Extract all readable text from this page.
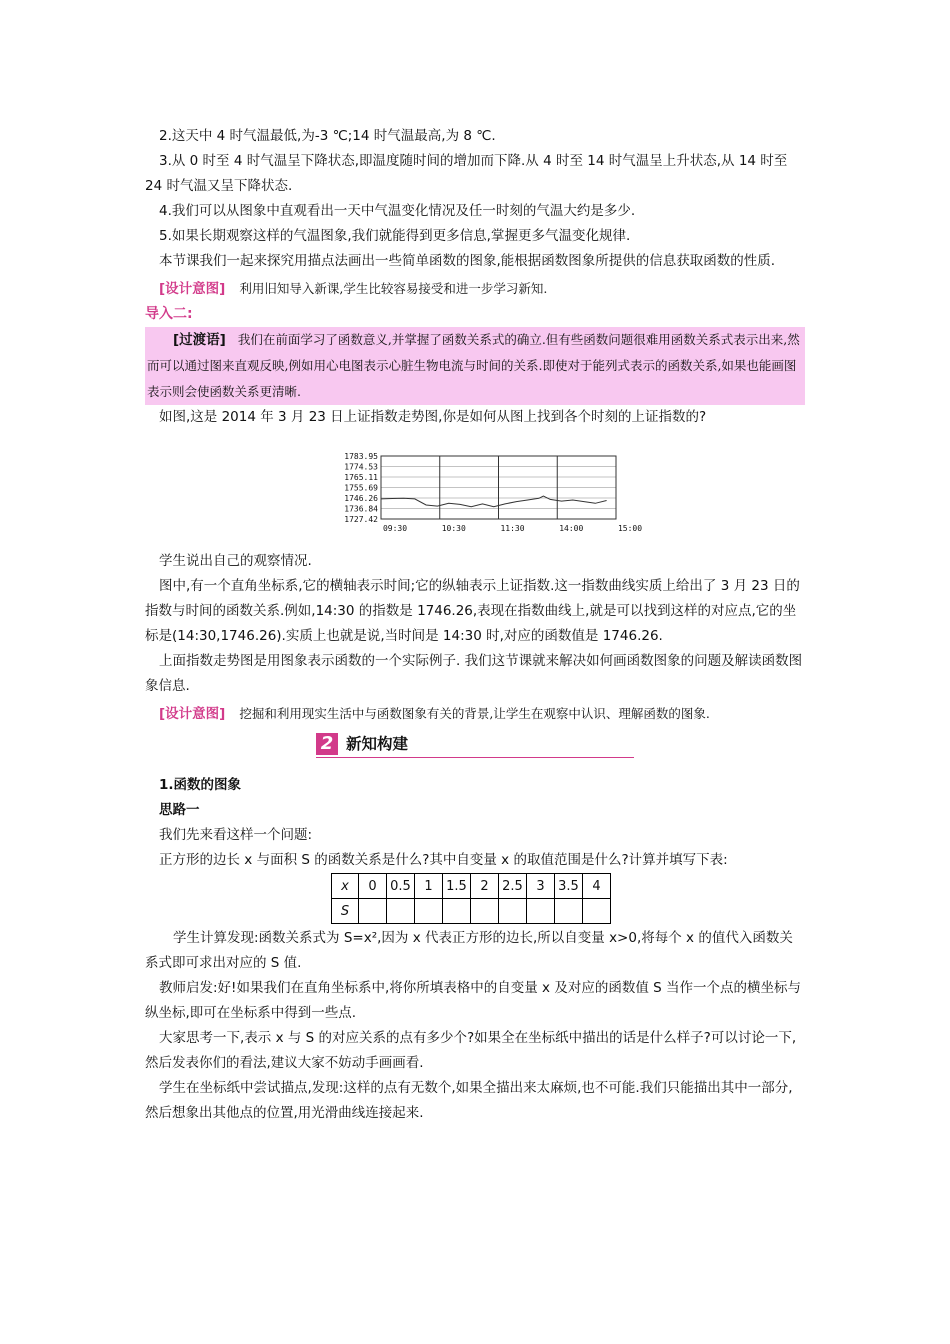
2.这天中 4 时气温最低,为-3 ℃;14 时气温最高,为 8 ℃.

3.从 0 时至 4 时气温呈下降状态,即温度随时间的增加而下降.从 4 时至 14 时气温呈上升状态,从 14 时至 24 时气温又呈下降状态.

4.我们可以从图象中直观看出一天中气温变化情况及任一时刻的气温大约是多少.

5.如果长期观察这样的气温图象,我们就能得到更多信息,掌握更多气温变化规律.

本节课我们一起来探究用描点法画出一些简单函数的图象,能根据函数图象所提供的信息获取函数的性质.

[设计意图] 利用旧知导入新课,学生比较容易接受和进一步学习新知.

导入二:

[过渡语] 我们在前面学习了函数意义,并掌握了函数关系式的确立.但有些函数问题很难用函数关系式表示出来,然而可以通过图来直观反映,例如用心电图表示心脏生物电流与时间的关系.即使对于能列式表示的函数关系,如果也能画图表示则会使函数关系更清晰.

如图,这是 2014 年 3 月 23 日上证指数走势图,你是如何从图上找到各个时刻的上证指数的?

1783.95
1774.53
1765.11
1755.69
1746.26
1736.84
1727.42
09:30	10:30	11:30	14:00	15:00

学生说出自己的观察情况.

图中,有一个直角坐标系,它的横轴表示时间;它的纵轴表示上证指数.这一指数曲线实质上给出了 3 月 23 日的指数与时间的函数关系.例如,14:30 的指数是 1746.26,表现在指数曲线上,就是可以找到这样的对应点,它的坐标是(14:30,1746.26).实质上也就是说,当时间是 14:30 时,对应的函数值是 1746.26.

上面指数走势图是用图象表示函数的一个实际例子. 我们这节课就来解决如何画函数图象的问题及解读函数图象信息.

[设计意图] 挖掘和利用现实生活中与函数图象有关的背景,让学生在观察中认识、理解函数的图象.

2 新知构建

1.函数的图象

思路一

我们先来看这样一个问题:

正方形的边长 x 与面积 S 的函数关系是什么?其中自变量 x 的取值范围是什么?计算并填写下表:

x	0	0.5	1	1.5	2	2.5	3	3.5	4
S									

学生计算发现:函数关系式为 S=x²,因为 x 代表正方形的边长,所以自变量 x>0,将每个 x 的值代入函数关系式即可求出对应的 S 值.

教师启发:好!如果我们在直角坐标系中,将你所填表格中的自变量 x 及对应的函数值 S 当作一个点的横坐标与纵坐标,即可在坐标系中得到一些点.

大家思考一下,表示 x 与 S 的对应关系的点有多少个?如果全在坐标纸中描出的话是什么样子?可以讨论一下,然后发表你们的看法,建议大家不妨动手画画看.

学生在坐标纸中尝试描点,发现:这样的点有无数个,如果全描出来太麻烦,也不可能.我们只能描出其中一部分,然后想象出其他点的位置,用光滑曲线连接起来.
